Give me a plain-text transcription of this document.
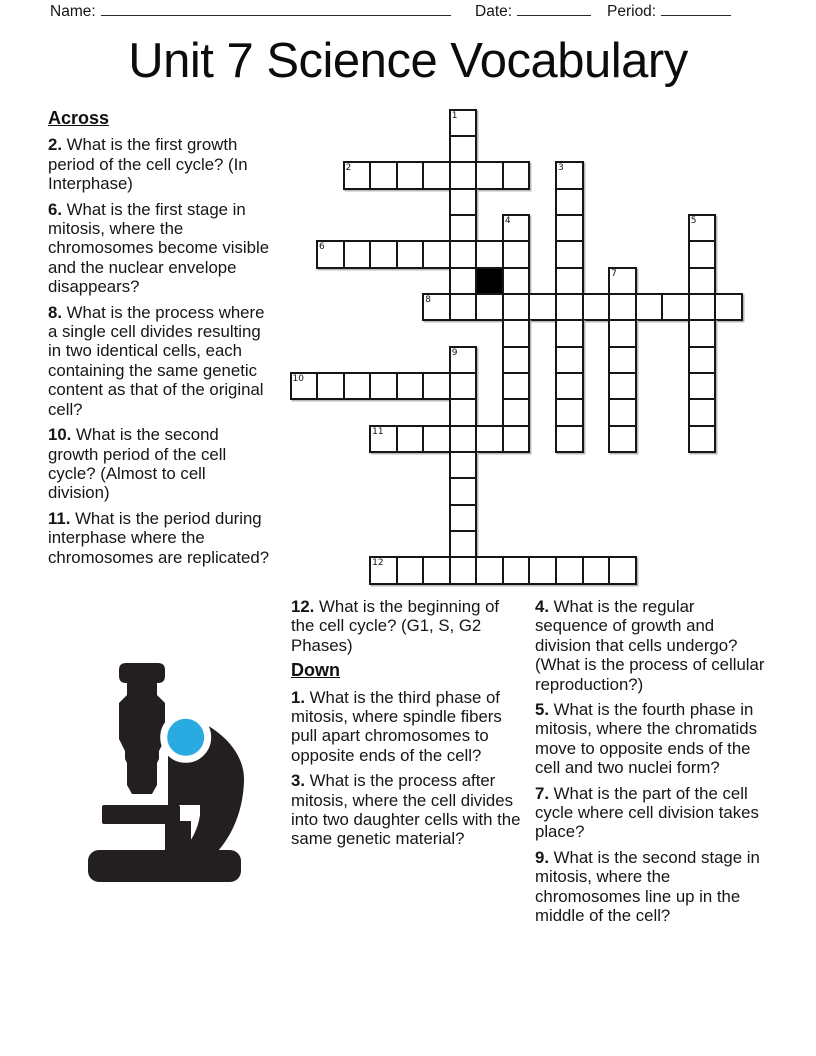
Name:	Date:	Period:
Unit 7 Science Vocabulary
1
2	3
4	5
6
7
8
9
10
11
12
Across

2. What is the first growth period of the cell cycle? (In Interphase)

6. What is the first stage in mitosis, where the chromosomes become visible and the nuclear envelope disappears?

8. What is the process where a single cell divides resulting in two identical cells, each containing the same genetic content as that of the original cell?

10. What is the second growth period of the cell cycle? (Almost to cell division)

11. What is the period during interphase where the chromosomes are replicated?

12. What is the beginning of the cell cycle? (G1, S, G2 Phases)

Down

1. What is the third phase of mitosis, where spindle fibers pull apart chromosomes to opposite ends of the cell?

3. What is the process after mitosis, where the cell divides into two daughter cells with the same genetic material?

4. What is the regular sequence of growth and division that cells undergo? (What is the process of cellular reproduction?)

5. What is the fourth phase in mitosis, where the chromatids move to opposite ends of the cell and two nuclei form?

7. What is the part of the cell cycle where cell division takes place?

9. What is the second stage in mitosis, where the chromosomes line up in the middle of the cell?
